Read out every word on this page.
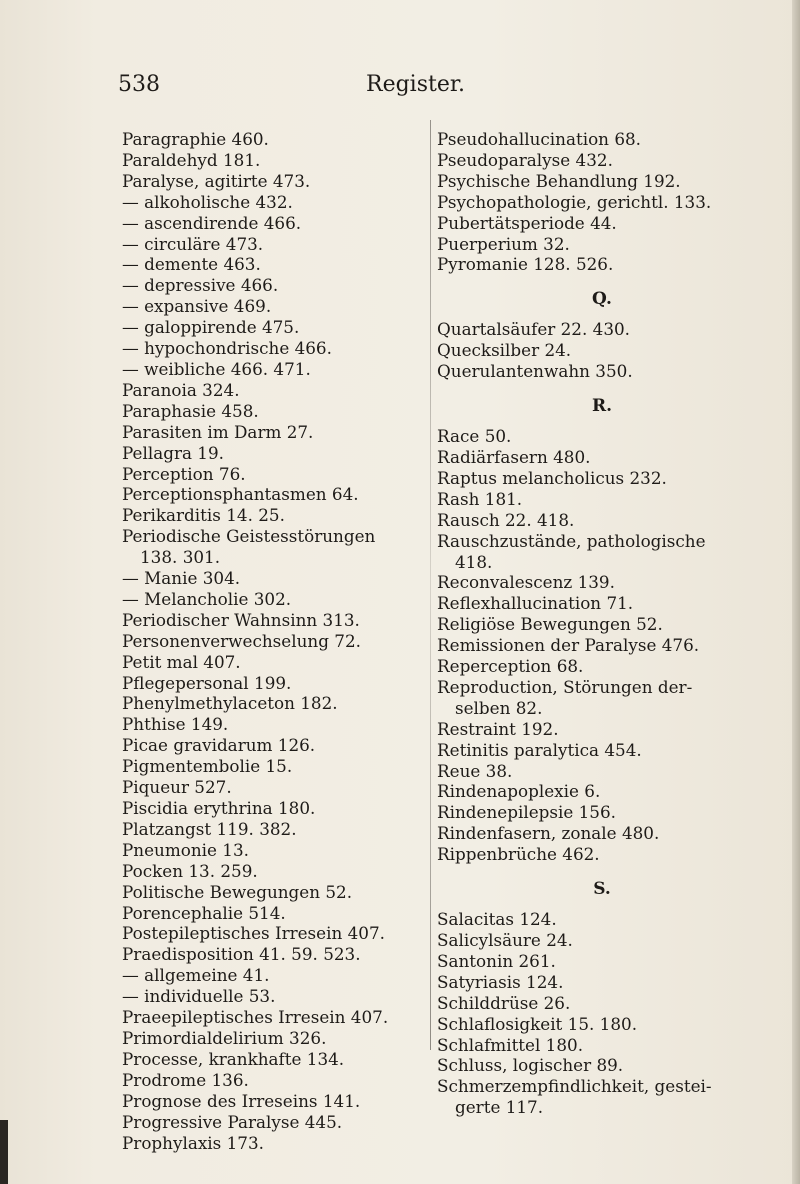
538	Register.
Paragraphie 460.
Paraldehyd 181.
Paralyse, agitirte 473.
— alkoholische 432.
— ascendirende 466.
— circuläre 473.
— demente 463.
— depressive 466.
— expansive 469.
— galoppirende 475.
— hypochondrische 466.
— weibliche 466. 471.
Paranoia 324.
Paraphasie 458.
Parasiten im Darm 27.
Pellagra 19.
Perception 76.
Perceptionsphantasmen 64.
Perikarditis 14. 25.
Periodische Geistesstörungen
138. 301.
— Manie 304.
— Melancholie 302.
Periodischer Wahnsinn 313.
Personenverwechselung 72.
Petit mal 407.
Pflegepersonal 199.
Phenylmethylaceton 182.
Phthise 149.
Picae gravidarum 126.
Pigmentembolie 15.
Piqueur 527.
Piscidia erythrina 180.
Platzangst 119. 382.
Pneumonie 13.
Pocken 13. 259.
Politische Bewegungen 52.
Porencephalie 514.
Postepileptisches Irresein 407.
Praedisposition 41. 59. 523.
— allgemeine 41.
— individuelle 53.
Praeepileptisches Irresein 407.
Primordialdelirium 326.
Processe, krankhafte 134.
Prodrome 136.
Prognose des Irreseins 141.
Progressive Paralyse 445.
Prophylaxis 173.
Pseudohallucination 68.
Pseudoparalyse 432.
Psychische Behandlung 192.
Psychopathologie, gerichtl. 133.
Pubertätsperiode 44.
Puerperium 32.
Pyromanie 128. 526.
Q.
Quartalsäufer 22. 430.
Quecksilber 24.
Querulantenwahn 350.
R.
Race 50.
Radiärfasern 480.
Raptus melancholicus 232.
Rash 181.
Rausch 22. 418.
Rauschzustände, pathologische
418.
Reconvalescenz 139.
Reflexhallucination 71.
Religiöse Bewegungen 52.
Remissionen der Paralyse 476.
Reperception 68.
Reproduction, Störungen der-
selben 82.
Restraint 192.
Retinitis paralytica 454.
Reue 38.
Rindenapoplexie 6.
Rindenepilepsie 156.
Rindenfasern, zonale 480.
Rippenbrüche 462.
S.
Salacitas 124.
Salicylsäure 24.
Santonin 261.
Satyriasis 124.
Schilddrüse 26.
Schlaflosigkeit 15. 180.
Schlafmittel 180.
Schluss, logischer 89.
Schmerzempfindlichkeit, gestei-
gerte 117.
